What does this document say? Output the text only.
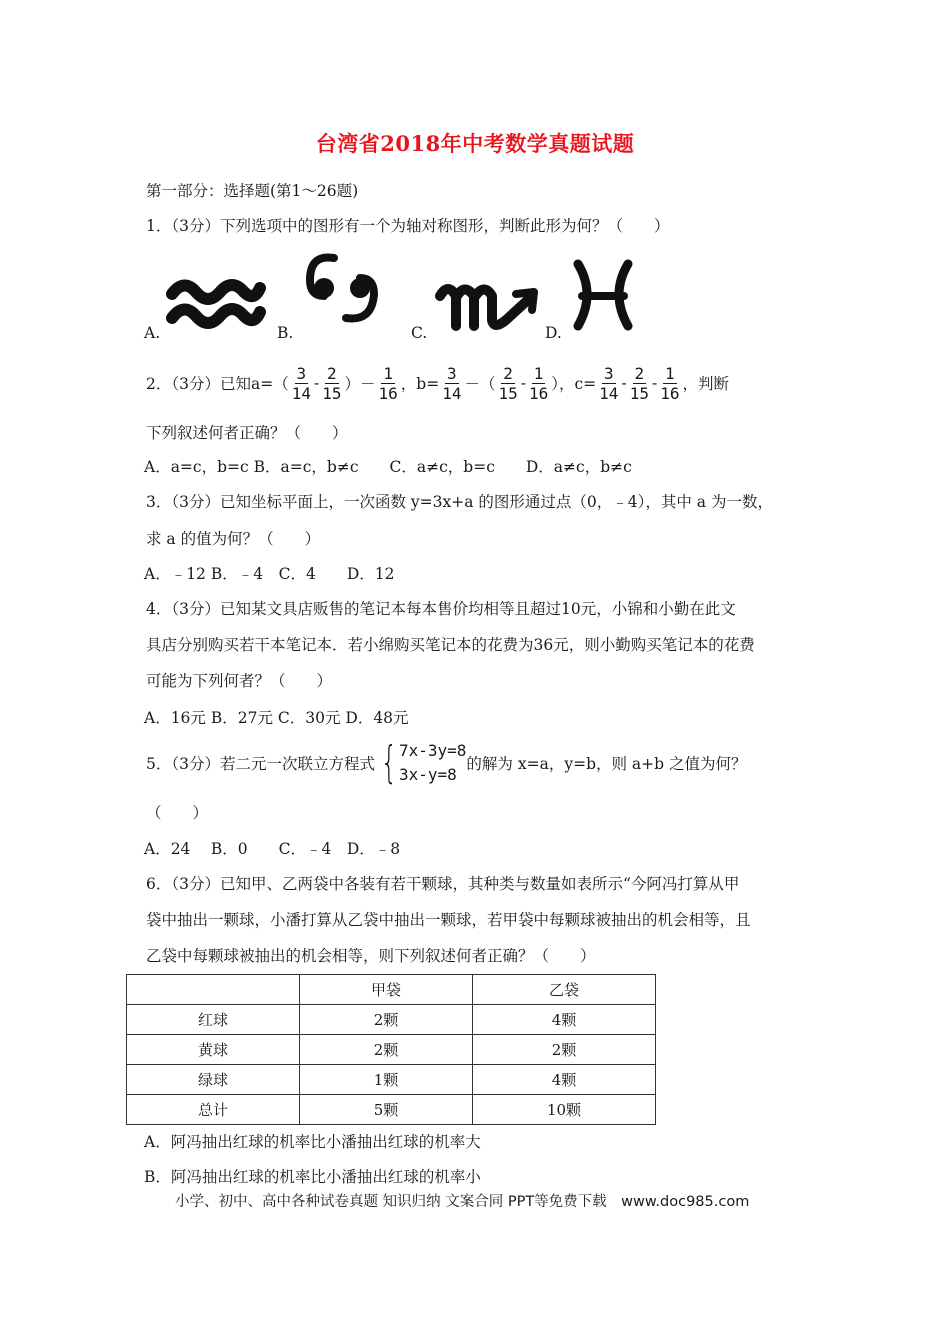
台湾省2018年中考数学真题试题
第一部分：选择题(第1～26题)
1．（3分）下列选项中的图形有一个为轴对称图形，判断此形为何？（　　）
A.	B.	C.	D.
2．（3分）已知$a=( \frac{3}{14} - \frac{2}{15}$ ）－ $\frac{1}{16}$ ，$b= \frac{3}{14}$ －（ $\frac{2}{15} - \frac{1}{16}$ ），$c= \frac{3}{14} - \frac{2}{15} - \frac{1}{16}$ ，判断
下列叙述何者正确？（　　）
A．a=c，b=c B．a=c，b≠c　　C．a≠c，b=c　　D．a≠c，b≠c
3．（3分）已知坐标平面上，一次函数 y=3x+a 的图形通过点（0，﹣4），其中 a 为一数，
求 a 的值为何？（　　）
A．﹣12 B．﹣4　C．4　　D．12
4．（3分）已知某文具店贩售的笔记本每本售价均相等且超过10元，小锦和小勤在此文
具店分别购买若干本笔记本．若小绵购买笔记本的花费为36元，则小勤购买笔记本的花费
可能为下列何者？（　　）
A．16元 B．27元 C．30元 D．48元
5．（3分）若二元一次联立方程式 { 7x-3y=8
3x-y=8
的解为 x=a，y=b，则 a+b 之值为何？
（　　）
A．24　 B．0　　C．﹣4　D．﹣8
6．（3分）已知甲、乙两袋中各装有若干颗球，其种类与数量如表所示“今阿冯打算从甲
袋中抽出一颗球，小潘打算从乙袋中抽出一颗球，若甲袋中每颗球被抽出的机会相等，且
乙袋中每颗球被抽出的机会相等，则下列叙述何者正确？（　　）
	甲袋	乙袋
红球	2颗	4颗
黄球	2颗	2颗
绿球	1颗	4颗
总计	5颗	10颗
A．阿冯抽出红球的机率比小潘抽出红球的机率大
B．阿冯抽出红球的机率比小潘抽出红球的机率小
小学、初中、高中各种试卷真题 知识归纳 文案合同 PPT等免费下载　www.doc985.com
